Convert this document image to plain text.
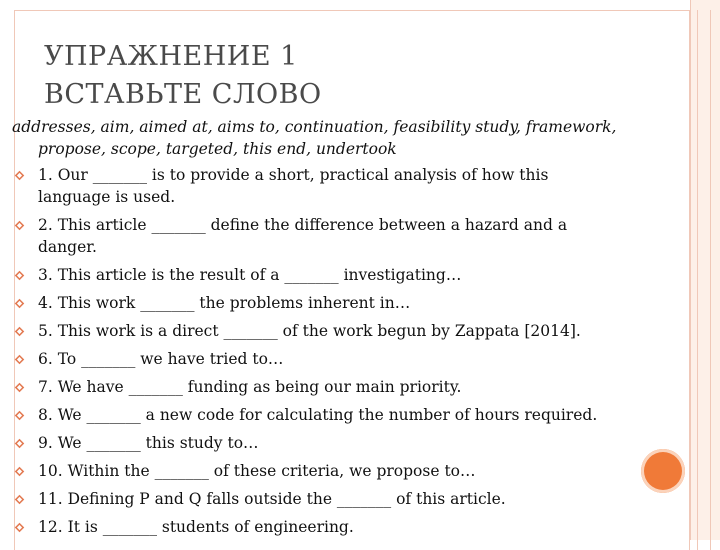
УПРАЖНЕНИЕ 1
ВСТАВЬТЕ СЛОВО
addresses, aim, aimed at, aims to, continuation, feasibility study, framework,
propose, scope, targeted, this end, undertook
1. Our _______ is to provide a short, practical analysis of how this
language is used.
2. This article _______ define the difference between a hazard and a
danger.
3. This article is the result of a _______ investigating…
4. This work _______ the problems inherent in…
5. This work is a direct _______ of the work begun by Zappata [2014].
6. To _______ we have tried to…
7. We have _______ funding as being our main priority.
8. We _______ a new code for calculating the number of hours required.
9. We _______ this study to…
10. Within the _______ of these criteria, we propose to…
11. Defining P and Q falls outside the _______ of this article.
12. It is _______ students of engineering.
